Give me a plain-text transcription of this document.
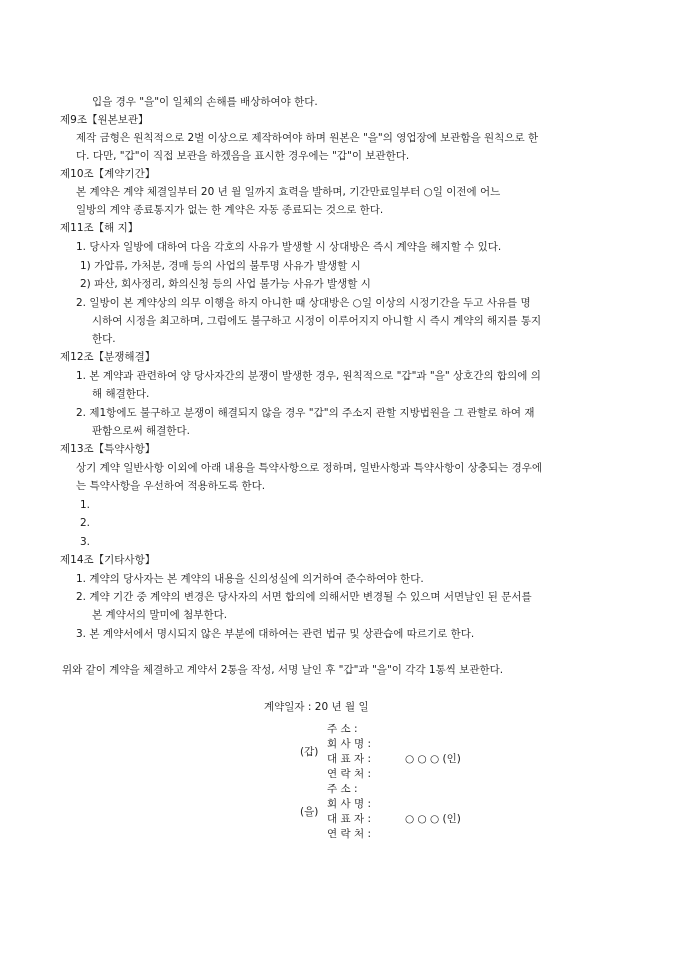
입을 경우 "을"이 일체의 손해를 배상하여야 한다.
제9조【원본보관】
제작 금형은 원칙적으로 2벌 이상으로 제작하여야 하며 원본은 "을"의 영업장에 보관함을 원칙으로 한
다. 다만, "갑"이 직접 보관을 하겠음을 표시한 경우에는 "갑"이 보관한다.
제10조【계약기간】
본 계약은 계약 체결일부터 20 년 월 일까지 효력을 발하며, 기간만료일부터 ○일 이전에 어느
일방의 계약 종료통지가 없는 한 계약은 자동 종료되는 것으로 한다.
제11조【해 지】
1. 당사자 일방에 대하여 다음 각호의 사유가 발생할 시 상대방은 즉시 계약을 해지할 수 있다.
1) 가압류, 가처분, 경매 등의 사업의 불투명 사유가 발생할 시
2) 파산, 회사정리, 화의신청 등의 사업 불가능 사유가 발생할 시
2. 일방이 본 계약상의 의무 이행을 하지 아니한 때 상대방은 ○일 이상의 시정기간을 두고 사유를 명
시하여 시정을 최고하며, 그럼에도 불구하고 시정이 이루어지지 아니할 시 즉시 계약의 해지를 통지
한다.
제12조【분쟁해결】
1. 본 계약과 관련하여 양 당사자간의 분쟁이 발생한 경우, 원칙적으로 "갑"과 "을" 상호간의 합의에 의
해 해결한다.
2. 제1항에도 불구하고 분쟁이 해결되지 않을 경우 "갑"의 주소지 관할 지방법원을 그 관할로 하여 재
판함으로써 해결한다.
제13조【특약사항】
상기 계약 일반사항 이외에 아래 내용을 특약사항으로 정하며, 일반사항과 특약사항이 상충되는 경우에
는 특약사항을 우선하여 적용하도록 한다.
1.
2.
3.
제14조【기타사항】
1. 계약의 당사자는 본 계약의 내용을 신의성실에 의거하여 준수하여야 한다.
2. 계약 기간 중 계약의 변경은 당사자의 서면 합의에 의해서만 변경될 수 있으며 서면날인 된 문서를
본 계약서의 말미에 첨부한다.
3. 본 계약서에서 명시되지 않은 부분에 대하여는 관련 법규 및 상관습에 따르기로 한다.
위와 같이 계약을 체결하고 계약서 2통을 작성, 서명 날인 후 "갑"과 "을"이 각각 1통씩 보관한다.
계약일자 : 20 년 월 일
(갑)
주 소 :
회 사 명 :
대 표 자 :	○ ○ ○ (인)
연 락 처 :
(을)
주 소 :
회 사 명 :
대 표 자 :	○ ○ ○ (인)
연 락 처 :
